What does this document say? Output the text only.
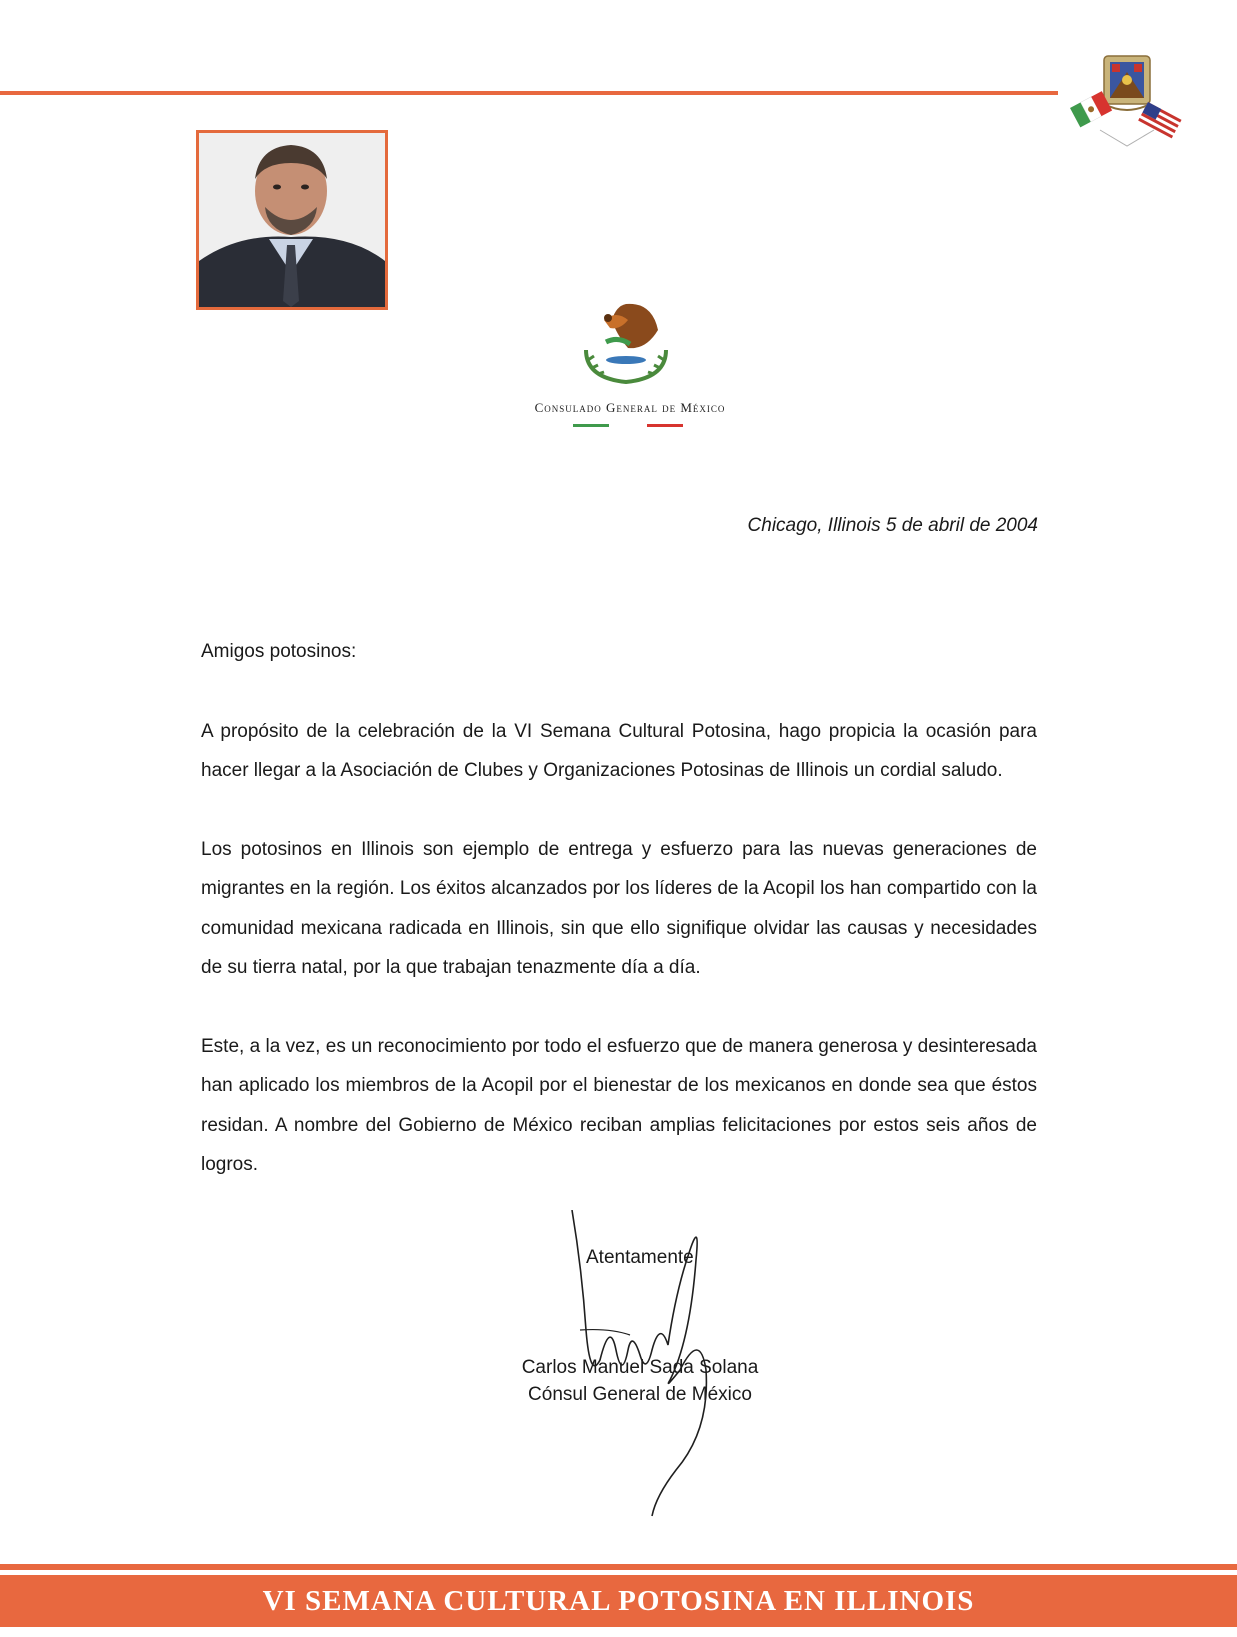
Consulado General de México
Chicago, Illinois 5 de abril de 2004

Amigos potosinos:

A propósito de la celebración de la VI Semana Cultural Potosina, hago propicia la ocasión para hacer llegar a la Asociación de Clubes y Organizaciones Potosinas de Illinois un cordial saludo.

Los potosinos en Illinois son ejemplo de entrega y esfuerzo para las nuevas generaciones de migrantes en la región. Los éxitos alcanzados por los líderes de la Acopil los han compartido con la comunidad mexicana radicada en Illinois, sin que ello signifique olvidar las causas y necesidades de su tierra natal, por la que trabajan tenazmente día a día.

Este, a la vez, es un reconocimiento por todo el esfuerzo que de manera generosa y desinteresada han aplicado los miembros de la Acopil por el bienestar de los mexicanos en donde sea que éstos residan. A nombre del Gobierno de México reciban amplias felicitaciones por estos seis años de logros.

Atentamente
Carlos Manuel Sada Solana
Cónsul General de México
VI SEMANA CULTURAL POTOSINA EN ILLINOIS
